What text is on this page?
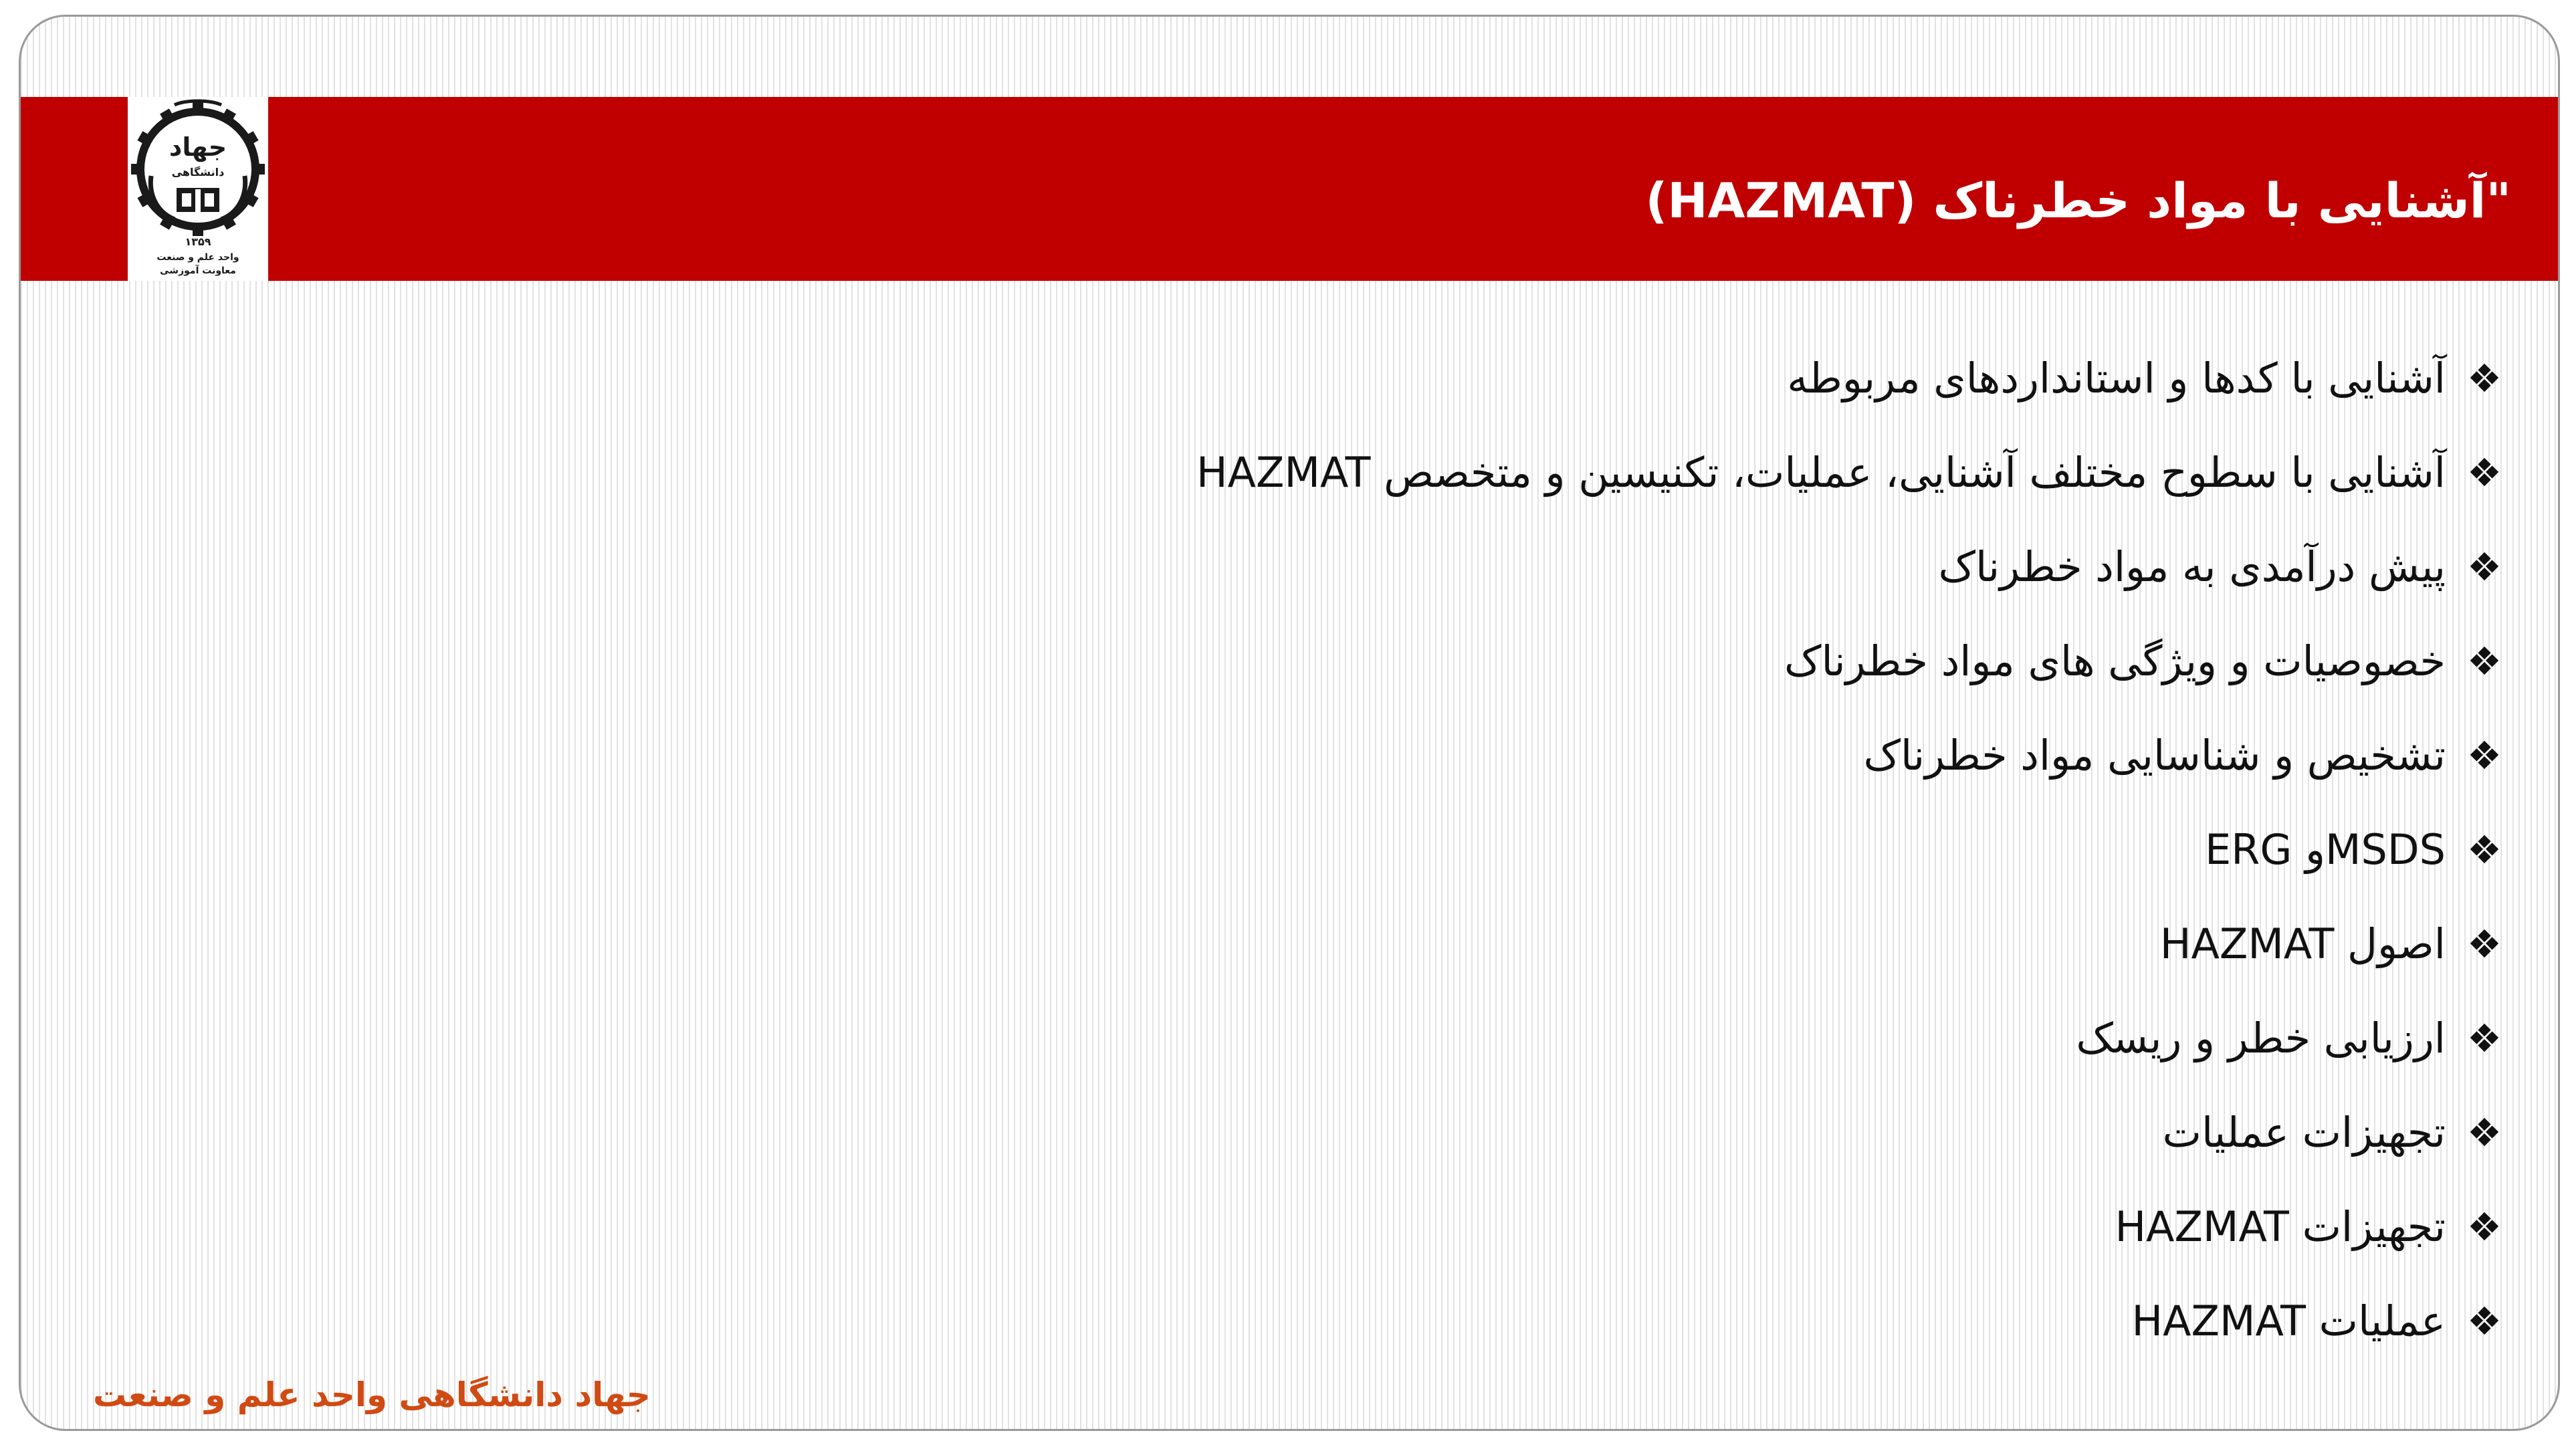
جهاد
دانشگاهی
۱۳۵۹
واحد علم و صنعت
معاونت آموزشی
"آشنایی با مواد خطرناک (HAZMAT)
❖
آشنایی با کدها و استانداردهای مربوطه
❖
آشنایی با سطوح مختلف آشنایی، عملیات، تکنیسین و متخصص HAZMAT
❖
پیش درآمدی به مواد خطرناک
❖
خصوصیات و ویژگی های مواد خطرناک
❖
تشخیص و شناسایی مواد خطرناک
❖
MSDSو ERG
❖
اصول HAZMAT
❖
ارزیابی خطر و ریسک
❖
تجهیزات عملیات
❖
تجهیزات HAZMAT
❖
عملیات HAZMAT
جهاد دانشگاهی واحد علم و صنعت
